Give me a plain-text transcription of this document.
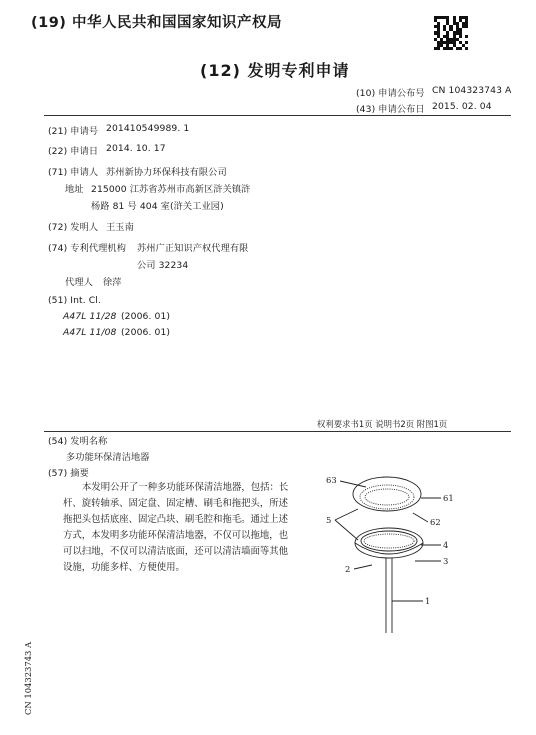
(19) 中华人民共和国国家知识产权局
(12) 发明专利申请
(10) 申请公布号 CN 104323743 A
(43) 申请公布日 2015. 02. 04
(21) 申请号 201410549989. 1
(22) 申请日 2014. 10. 17
(71) 申请人 苏州新协力环保科技有限公司
地址 215000 江苏省苏州市高新区浒关镇浒
杨路 81 号 404 室(浒关工业园)
(72) 发明人 王玉南
(74) 专利代理机构 苏州广正知识产权代理有限
公司 32234
代理人 徐萍
(51) Int. Cl.
A47L 11/28 (2006. 01)
A47L 11/08 (2006. 01)
权利要求书1页 说明书2页 附图1页
(54) 发明名称
多功能环保清洁地器
(57) 摘要
本发明公开了一种多功能环保清洁地器，包括：长杆、旋转轴承、固定盘、固定槽、刷毛和拖把头，所述拖把头包括底座、固定凸块、刷毛腔和拖毛。通过上述方式，本发明多功能环保清洁地器，不仅可以拖地，也可以扫地，不仅可以清洁底面，还可以清洁墙面等其他设施，功能多样、方便使用。
63
61
5	62
4
3
2
1
CN 104323743 A
